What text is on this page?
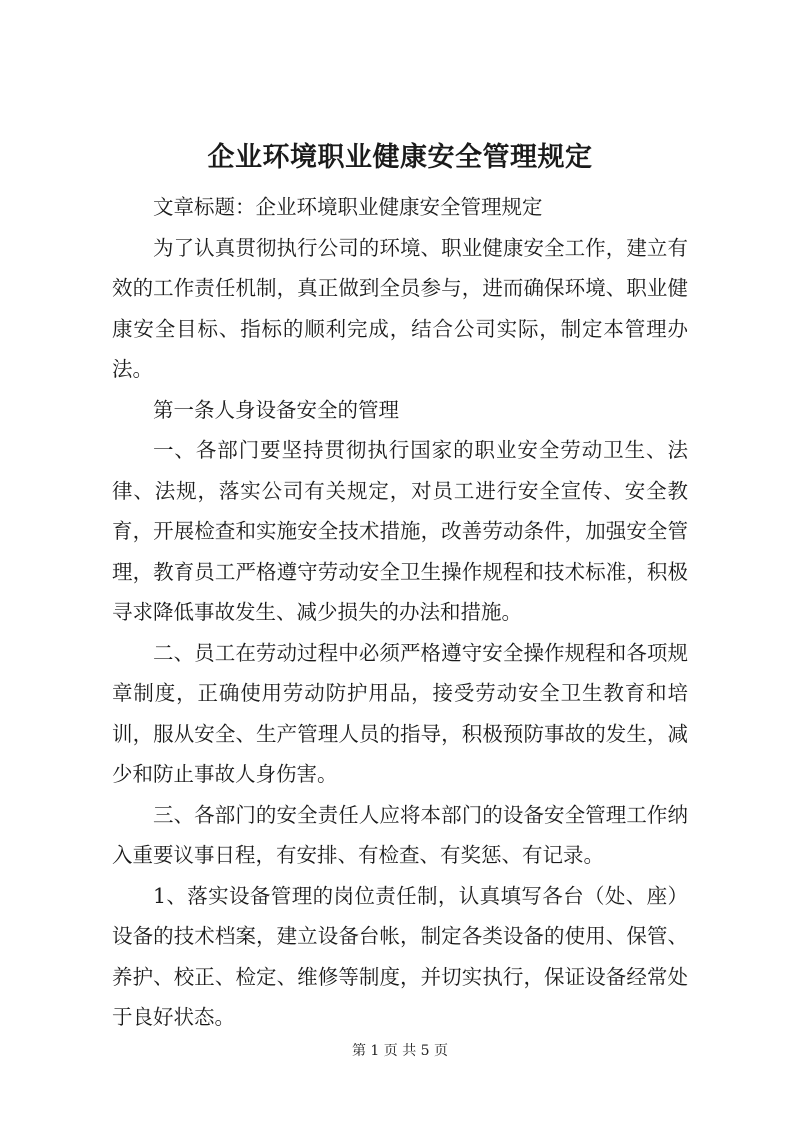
企业环境职业健康安全管理规定

文章标题：企业环境职业健康安全管理规定

为了认真贯彻执行公司的环境、职业健康安全工作，建立有效的工作责任机制，真正做到全员参与，进而确保环境、职业健康安全目标、指标的顺利完成，结合公司实际，制定本管理办法。

第一条人身设备安全的管理

一、各部门要坚持贯彻执行国家的职业安全劳动卫生、法律、法规，落实公司有关规定，对员工进行安全宣传、安全教育，开展检查和实施安全技术措施，改善劳动条件，加强安全管理，教育员工严格遵守劳动安全卫生操作规程和技术标准，积极寻求降低事故发生、减少损失的办法和措施。

二、员工在劳动过程中必须严格遵守安全操作规程和各项规章制度，正确使用劳动防护用品，接受劳动安全卫生教育和培训，服从安全、生产管理人员的指导，积极预防事故的发生，减少和防止事故人身伤害。

三、各部门的安全责任人应将本部门的设备安全管理工作纳入重要议事日程，有安排、有检查、有奖惩、有记录。

1、落实设备管理的岗位责任制，认真填写各台（处、座）设备的技术档案，建立设备台帐，制定各类设备的使用、保管、养护、校正、检定、维修等制度，并切实执行，保证设备经常处于良好状态。

第 1 页 共 5 页
